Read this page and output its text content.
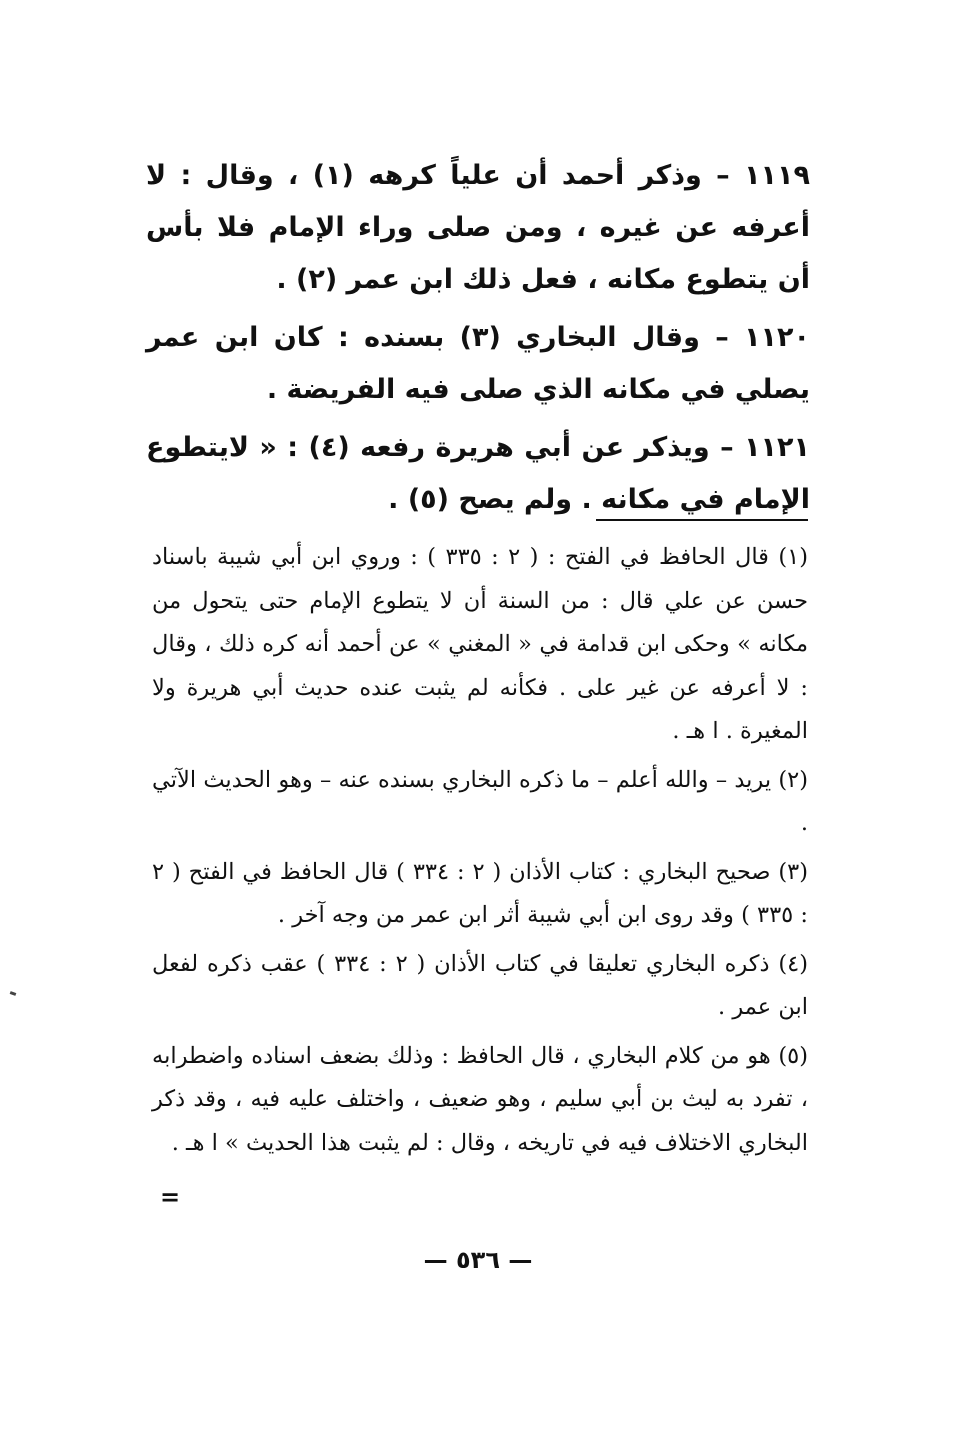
١١١٩ – وذكر أحمد أن علياً كرهه (١) ، وقال : لا أعرفه عن غيره ، ومن صلى وراء الإمام فلا بأس أن يتطوع مكانه ، فعل ذلك ابن عمر (٢) .

١١٢٠ – وقال البخاري (٣) بسنده : كان ابن عمر يصلي في مكانه الذي صلى فيه الفريضة .

١١٢١ – ويذكر عن أبي هريرة رفعه (٤) : « لايتطوع الإمام في مكانه . ولم يصح (٥) .

(١) قال الحافظ في الفتح : ( ٢ : ٣٣٥ ) : وروي ابن أبي شيبة باسناد حسن عن علي قال : من السنة أن لا يتطوع الإمام حتى يتحول من مكانه » وحكى ابن قدامة في « المغني » عن أحمد أنه كره ذلك ، وقال : لا أعرفه عن غير على . فكأنه لم يثبت عنده حديث أبي هريرة ولا المغيرة . ا هـ .

(٢) يريد – والله أعلم – ما ذكره البخاري بسنده عنه – وهو الحديث الآتي .

(٣) صحيح البخاري : كتاب الأذان ( ٢ : ٣٣٤ ) قال الحافظ في الفتح ( ٢ : ٣٣٥ ) وقد روى ابن أبي شيبة أثر ابن عمر من وجه آخر .

(٤) ذكره البخاري تعليقا في كتاب الأذان ( ٢ : ٣٣٤ ) عقب ذكره لفعل ابن عمر .

(٥) هو من كلام البخاري ، قال الحافظ : وذلك بضعف اسناده واضطرابه ، تفرد به ليث بن أبي سليم ، وهو ضعيف ، واختلف عليه فيه ، وقد ذكر البخاري الاختلاف فيه في تاريخه ، وقال : لم يثبت هذا الحديث » ا هـ .

=
— ٥٣٦ —
